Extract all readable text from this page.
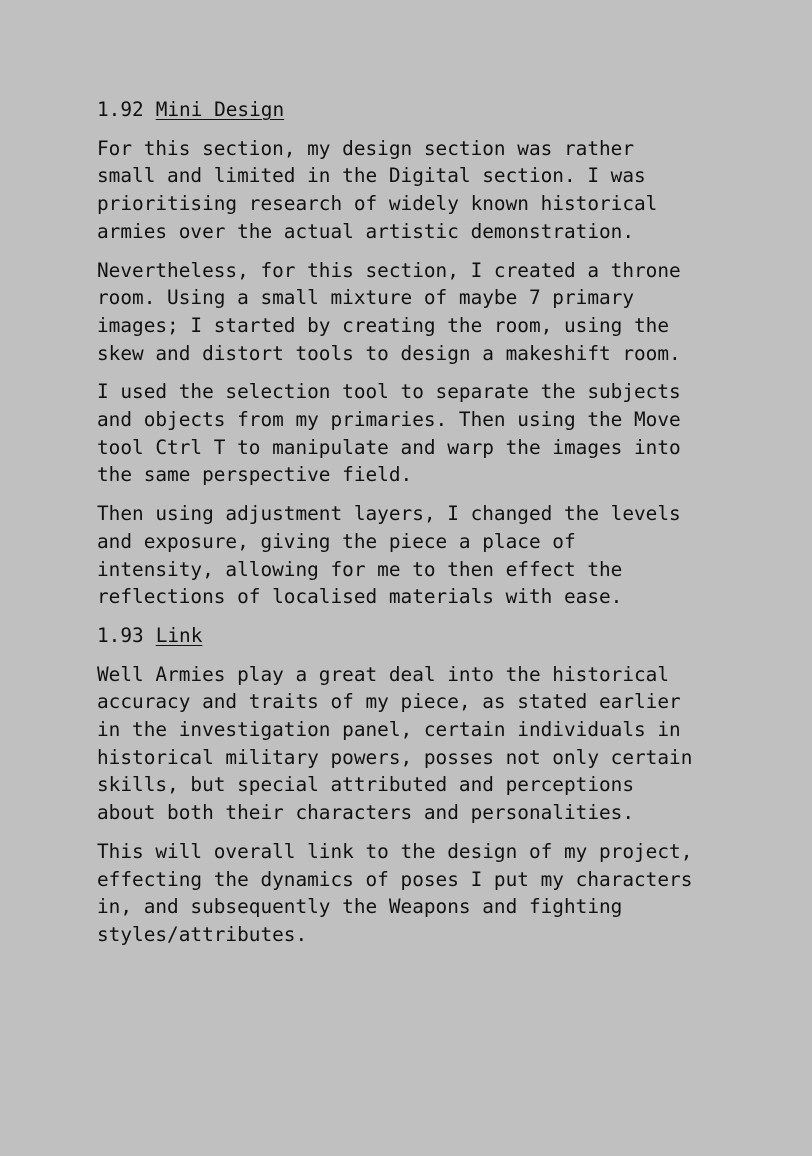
1.92 Mini Design

For this section, my design section was rather
small and limited in the Digital section. I was
prioritising research of widely known historical
armies over the actual artistic demonstration.

Nevertheless, for this section, I created a throne
room. Using a small mixture of maybe 7 primary
images; I started by creating the room, using the
skew and distort tools to design a makeshift room.

I used the selection tool to separate the subjects
and objects from my primaries. Then using the Move
tool Ctrl T to manipulate and warp the images into
the same perspective field.

Then using adjustment layers, I changed the levels
and exposure, giving the piece a place of
intensity, allowing for me to then effect the
reflections of localised materials with ease.

1.93 Link

Well Armies play a great deal into the historical
accuracy and traits of my piece, as stated earlier
in the investigation panel, certain individuals in
historical military powers, posses not only certain
skills, but special attributed and perceptions
about both their characters and personalities.

This will overall link to the design of my project,
effecting the dynamics of poses I put my characters
in, and subsequently the Weapons and fighting
styles/attributes.
